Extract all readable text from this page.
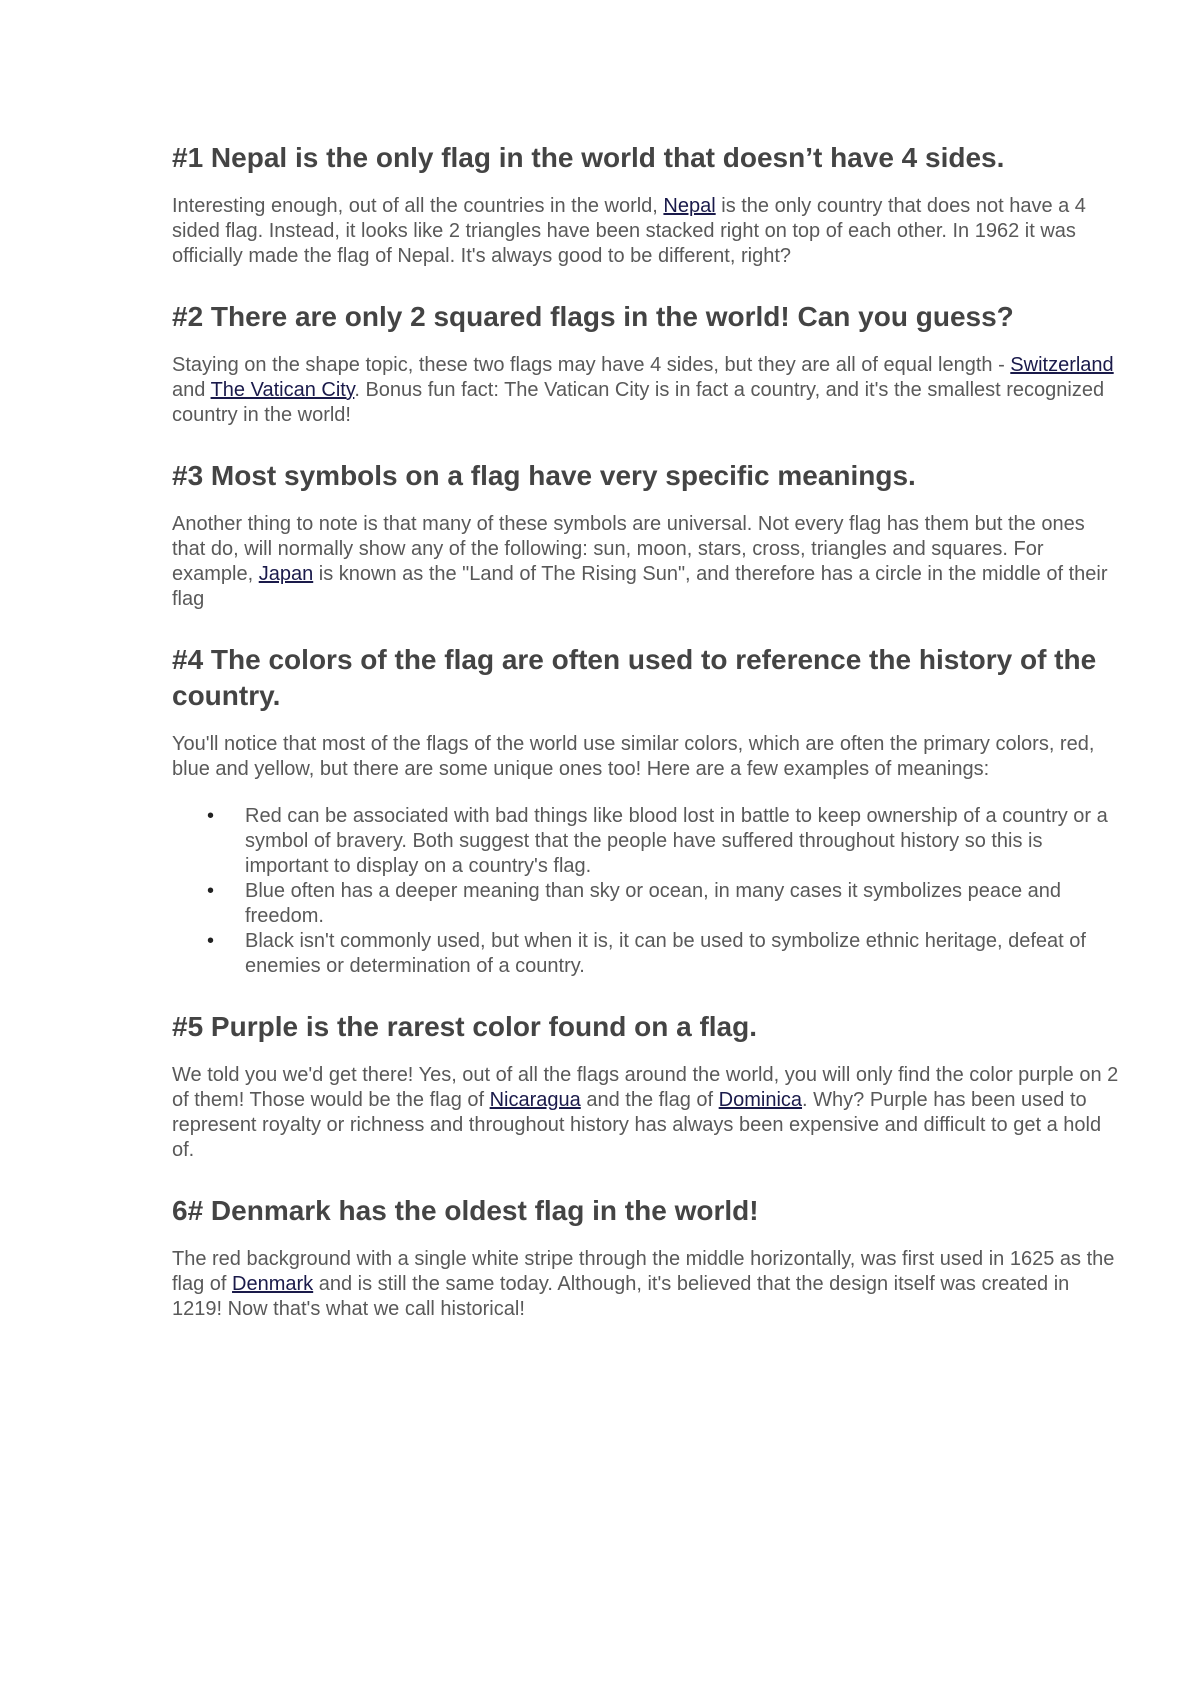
#1 Nepal is the only flag in the world that doesn’t have 4 sides.

Interesting enough, out of all the countries in the world, Nepal is the only country that does not have a 4 sided flag. Instead, it looks like 2 triangles have been stacked right on top of each other. In 1962 it was officially made the flag of Nepal. It's always good to be different, right?

#2 There are only 2 squared flags in the world! Can you guess?

Staying on the shape topic, these two flags may have 4 sides, but they are all of equal length - Switzerland and The Vatican City. Bonus fun fact: The Vatican City is in fact a country, and it's the smallest recognized country in the world!

#3 Most symbols on a flag have very specific meanings.

Another thing to note is that many of these symbols are universal. Not every flag has them but the ones that do, will normally show any of the following: sun, moon, stars, cross, triangles and squares. For example, Japan is known as the "Land of The Rising Sun", and therefore has a circle in the middle of their flag

#4 The colors of the flag are often used to reference the history of the country.

You'll notice that most of the flags of the world use similar colors, which are often the primary colors, red, blue and yellow, but there are some unique ones too! Here are a few examples of meanings:

• Red can be associated with bad things like blood lost in battle to keep ownership of a country or a symbol of bravery. Both suggest that the people have suffered throughout history so this is important to display on a country's flag.
• Blue often has a deeper meaning than sky or ocean, in many cases it symbolizes peace and freedom.
• Black isn't commonly used, but when it is, it can be used to symbolize ethnic heritage, defeat of enemies or determination of a country.
#5 Purple is the rarest color found on a flag.

We told you we'd get there! Yes, out of all the flags around the world, you will only find the color purple on 2 of them! Those would be the flag of Nicaragua and the flag of Dominica. Why? Purple has been used to represent royalty or richness and throughout history has always been expensive and difficult to get a hold of.

6# Denmark has the oldest flag in the world!

The red background with a single white stripe through the middle horizontally, was first used in 1625 as the flag of Denmark and is still the same today. Although, it's believed that the design itself was created in 1219! Now that's what we call historical!
